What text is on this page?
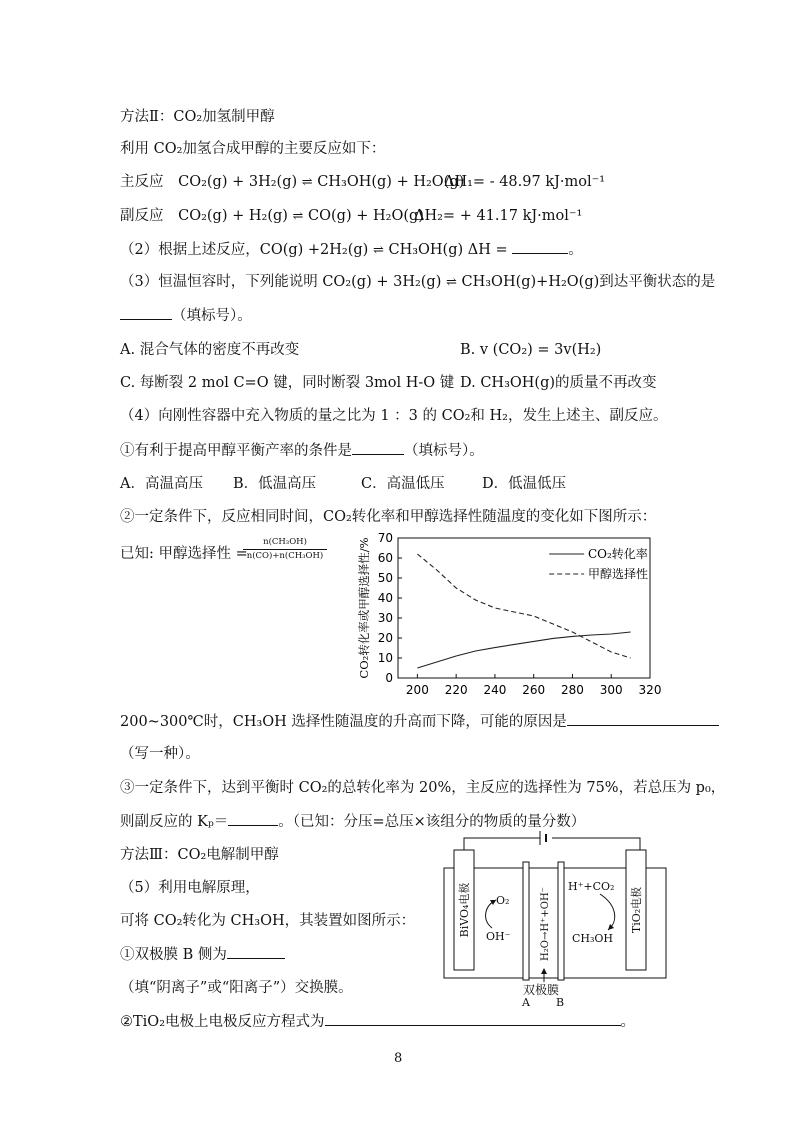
方法Ⅱ：CO₂加氢制甲醇
利用 CO₂加氢合成甲醇的主要反应如下：
主反应 CO₂(g) + 3H₂(g) ⇌ CH₃OH(g) + H₂O(g)
ΔH₁= - 48.97 kJ·mol⁻¹
副反应 CO₂(g) + H₂(g) ⇌ CO(g) + H₂O(g)
ΔH₂= + 41.17 kJ·mol⁻¹
（2）根据上述反应，CO(g) +2H₂(g) ⇌ CH₃OH(g) ΔH =	。
（3）恒温恒容时，下列能说明 CO₂(g) + 3H₂(g) ⇌ CH₃OH(g)+H₂O(g)到达平衡状态的是
（填标号）。
A. 混合气体的密度不再改变	B. v (CO₂) = 3v(H₂)
C. 每断裂 2 mol C=O 键，同时断裂 3mol H-O 键 D. CH₃OH(g)的质量不再改变
（4）向刚性容器中充入物质的量之比为 1 ：3 的 CO₂和 H₂，发生上述主、副反应。
①有利于提高甲醇平衡产率的条件是	（填标号）。
A．高温高压 B．低温高压	C．高温低压	D．低温低压
②一定条件下，反应相同时间，CO₂转化率和甲醇选择性随温度的变化如下图所示：
已知: 甲醇选择性 =
n(CH₃OH)
n(CO)+n(CH₃OH)
0
10
20
30
40
50
60
70
200 220 240 260 280 300 320
CO₂转化率或甲醇选择性/%	CO₂转化率
甲醇选择性
200~300℃时，CH₃OH 选择性随温度的升高而下降，可能的原因是
（写一种）。
③一定条件下，达到平衡时 CO₂的总转化率为 20%，主反应的选择性为 75%，若总压为 p₀，
则副反应的 Kₚ＝	。（已知：分压=总压×该组分的物质的量分数）
方法Ⅲ：CO₂电解制甲醇
（5）利用电解原理，
可将 CO₂转化为 CH₃OH，其装置如图所示：
①双极膜 B 侧为
（填“阴离子”或“阳离子”）交换膜。
②TiO₂电极上电极反应方程式为	。
BiVO₄电极	TiO₂电极
H₂O→H⁺+OH⁻
O₂
OH⁻
H⁺+CO₂
CH₃OH
双极膜
A B
8
